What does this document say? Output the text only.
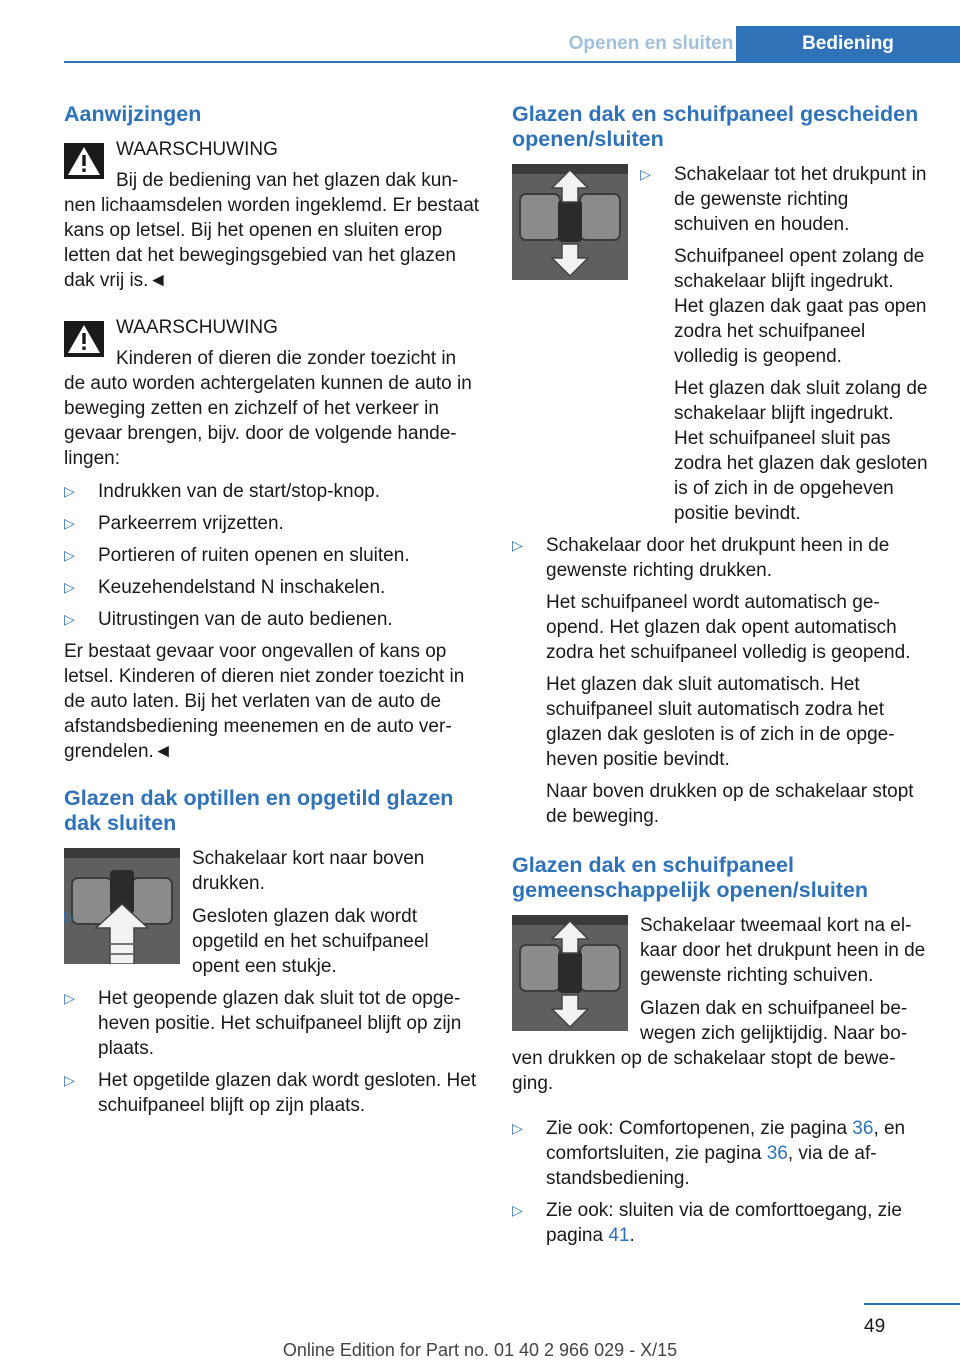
Openen en sluiten	Bediening
Aanwijzingen
WAARSCHUWING

Bij de bediening van het glazen dak kunnen lichaamsdelen worden ingeklemd. Er bestaat kans op letsel. Bij het openen en sluiten erop letten dat het bewegingsgebied van het glazen dak vrij is.◄

WAARSCHUWING

Kinderen of dieren die zonder toezicht in de auto worden achtergelaten kunnen de auto in beweging zetten en zichzelf of het verkeer in gevaar brengen, bijv. door de volgende handelingen:

▷ Indrukken van de start/stop-knop.
▷ Parkeerrem vrijzetten.
▷ Portieren of ruiten openen en sluiten.
▷ Keuzehendelstand N inschakelen.
▷ Uitrustingen van de auto bedienen.

Er bestaat gevaar voor ongevallen of kans op letsel. Kinderen of dieren niet zonder toezicht in de auto laten. Bij het verlaten van de auto de afstandsbediening meenemen en de auto vergrendelen.◄

Glazen dak optillen en opgetild glazen dak sluiten

Schakelaar kort naar boven drukken.

▷ Gesloten glazen dak wordt opgetild en het schuifpaneel opent een stukje.
▷ Het geopende glazen dak sluit tot de opgeheven positie. Het schuifpaneel blijft op zijn plaats.
▷ Het opgetilde glazen dak wordt gesloten. Het schuifpaneel blijft op zijn plaats.
Glazen dak en schuifpaneel gescheiden openen/sluiten

▷ Schakelaar tot het drukpunt in de gewenste richting schuiven en houden.

Schuifpaneel opent zolang de schakelaar blijft ingedrukt. Het glazen dak gaat pas open zodra het schuifpaneel volledig is geopend.

Het glazen dak sluit zolang de schakelaar blijft ingedrukt. Het schuifpaneel sluit pas zodra het glazen dak gesloten is of zich in de opgeheven positie bevindt.

▷ Schakelaar door het drukpunt heen in de gewenste richting drukken.

Het schuifpaneel wordt automatisch geopend. Het glazen dak opent automatisch zodra het schuifpaneel volledig is geopend.

Het glazen dak sluit automatisch. Het schuifpaneel sluit automatisch zodra het glazen dak gesloten is of zich in de opgeheven positie bevindt.

Naar boven drukken op de schakelaar stopt de beweging.

Glazen dak en schuifpaneel gemeenschappelijk openen/sluiten

Schakelaar tweemaal kort na elkaar door het drukpunt heen in de gewenste richting schuiven.

Glazen dak en schuifpaneel bewegen zich gelijktijdig. Naar boven drukken op de schakelaar stopt de beweging.

▷ Zie ook: Comfortopenen, zie pagina 36, en comfortsluiten, zie pagina 36, via de afstandsbediening.
▷ Zie ook: sluiten via de comforttoegang, zie pagina 41.
49
Online Edition for Part no. 01 40 2 966 029 - X/15
